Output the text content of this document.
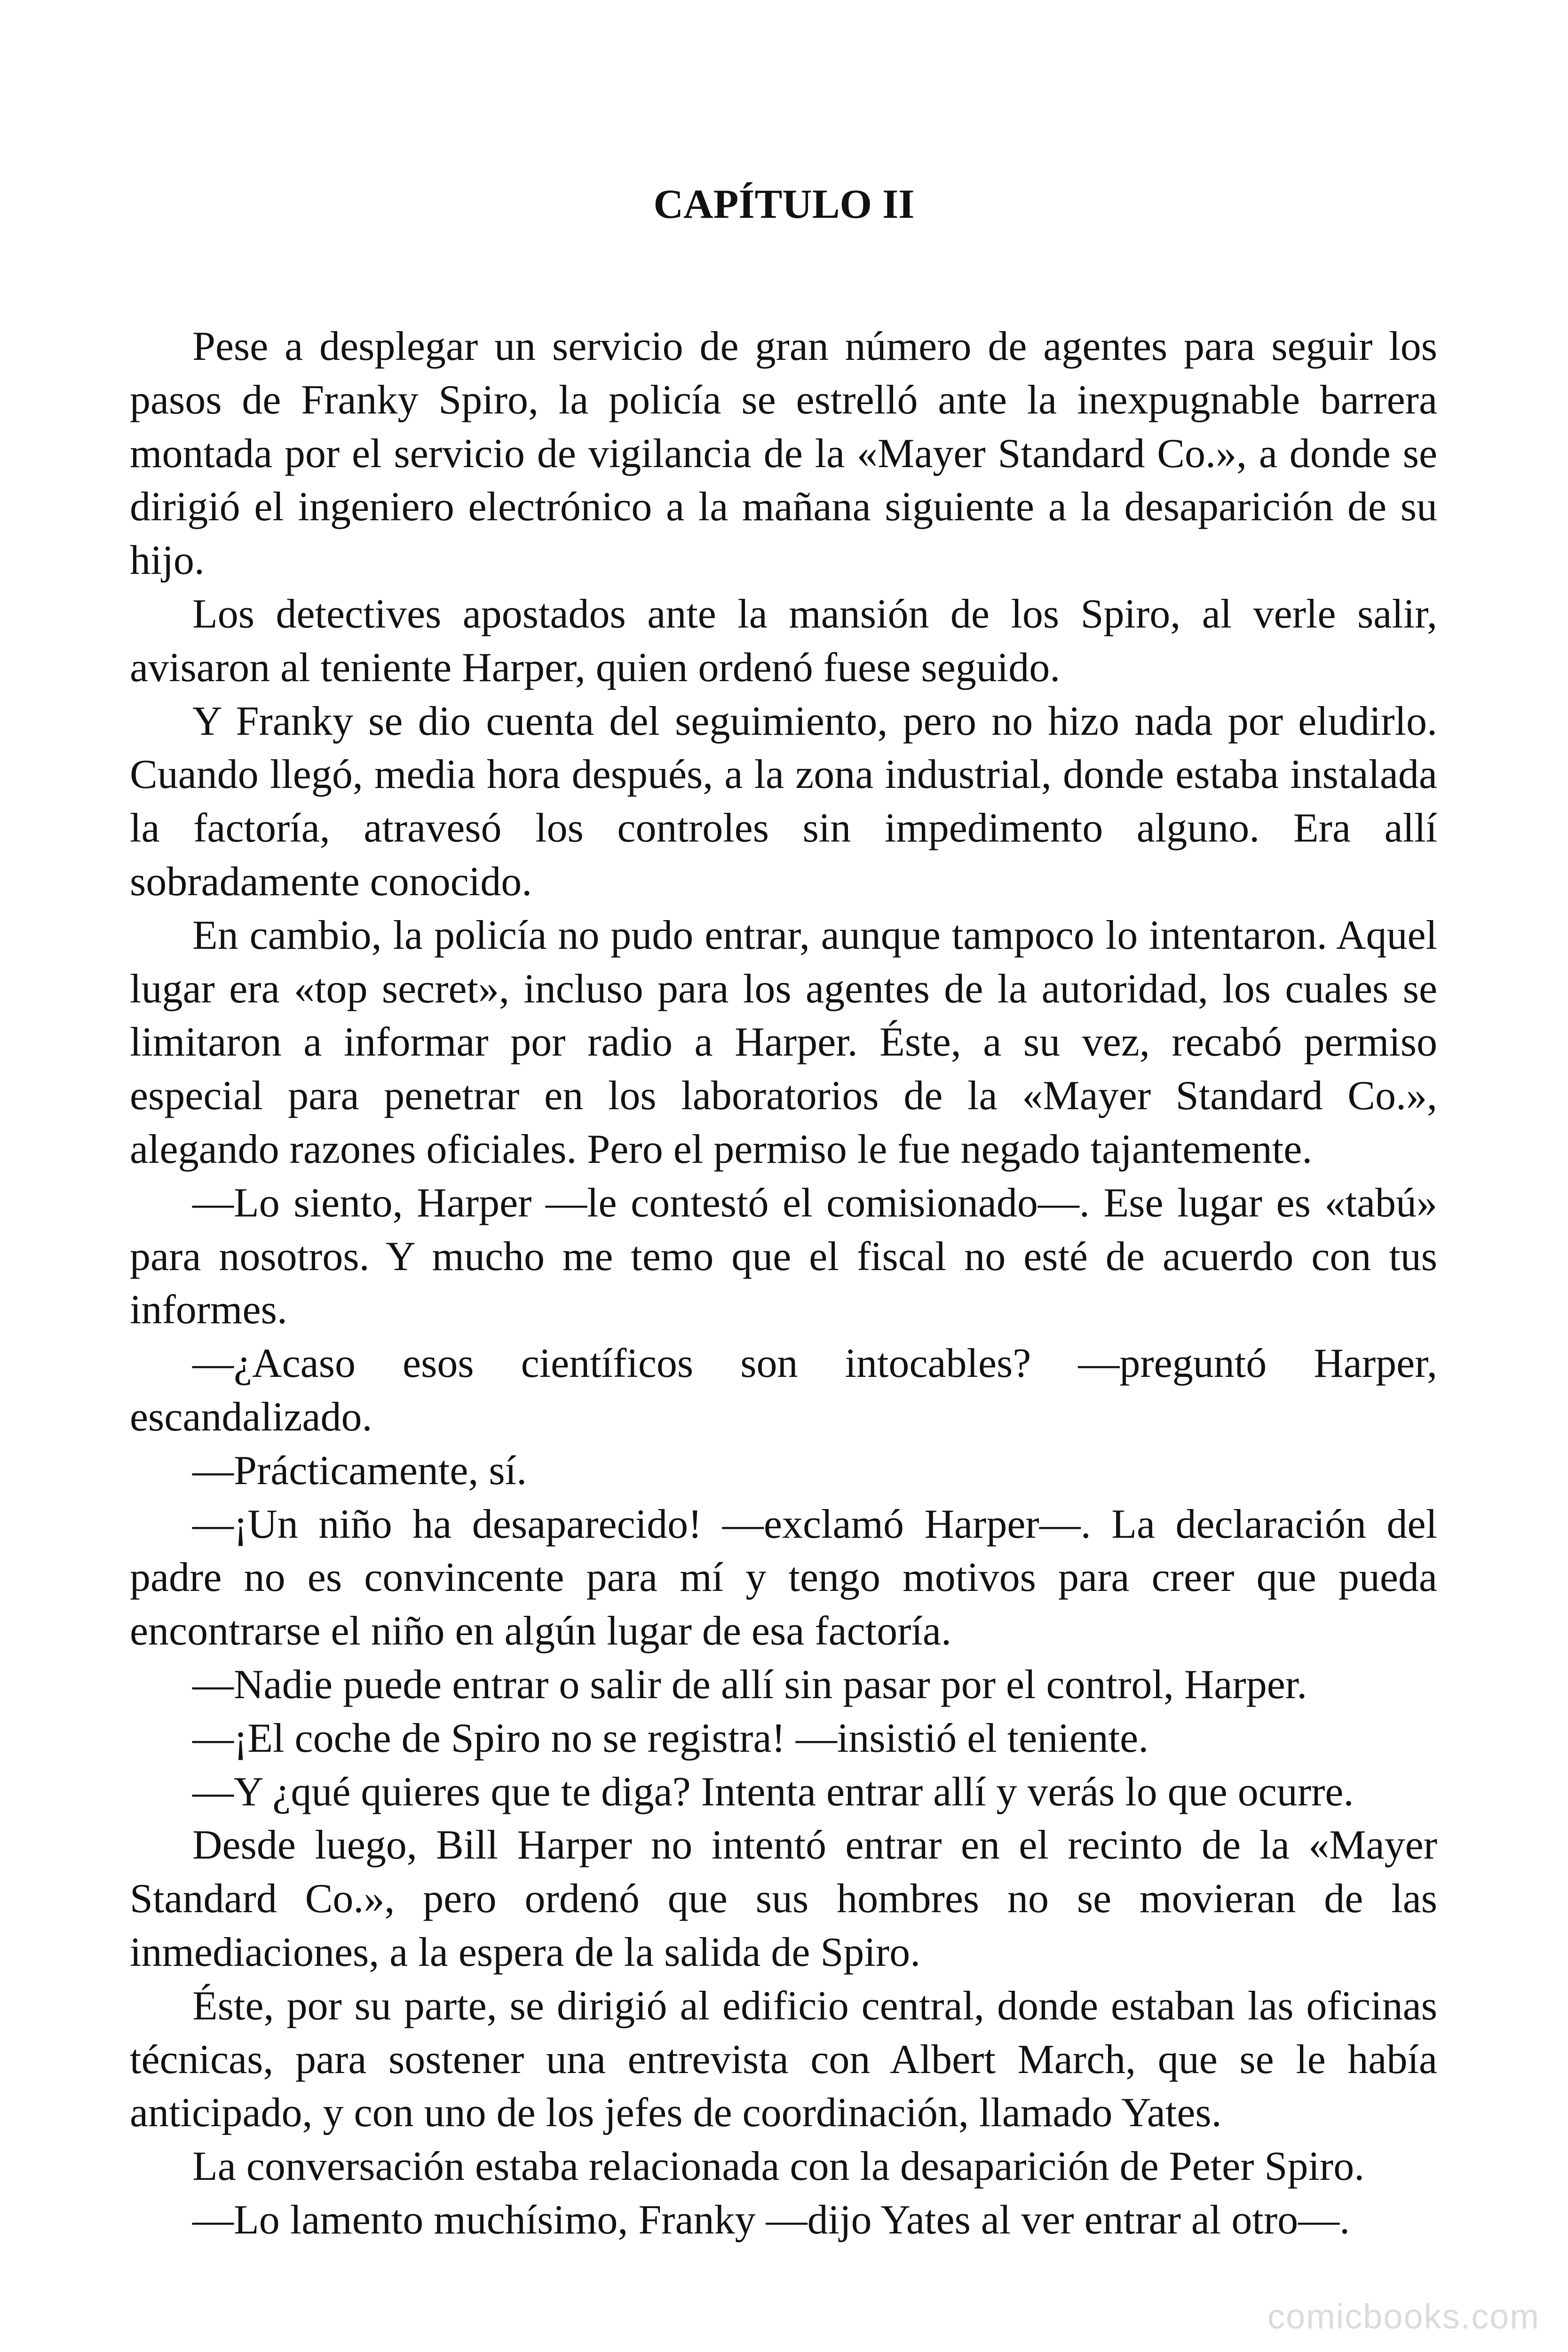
CAPÍTULO II

Pese a desplegar un servicio de gran número de agentes para seguir los pasos de Franky Spiro, la policía se estrelló ante la inexpugnable barrera montada por el servicio de vigilancia de la «Mayer Standard Co.», a donde se dirigió el ingeniero electrónico a la mañana siguiente a la desaparición de su hijo.

Los detectives apostados ante la mansión de los Spiro, al verle salir, avisaron al teniente Harper, quien ordenó fuese seguido.

Y Franky se dio cuenta del seguimiento, pero no hizo nada por eludirlo. Cuando llegó, media hora después, a la zona industrial, donde estaba instalada la factoría, atravesó los controles sin impedimento alguno. Era allí sobradamente conocido.

En cambio, la policía no pudo entrar, aunque tampoco lo intentaron. Aquel lugar era «top secret», incluso para los agentes de la autoridad, los cuales se limitaron a informar por radio a Harper. Éste, a su vez, recabó permiso especial para penetrar en los laboratorios de la «Mayer Standard Co.», alegando razones oficiales. Pero el permiso le fue negado tajantemente.

—Lo siento, Harper —le contestó el comisionado—. Ese lugar es «tabú» para nosotros. Y mucho me temo que el fiscal no esté de acuerdo con tus informes.

—¿Acaso esos científicos son intocables? —preguntó Harper, escandalizado.

—Prácticamente, sí.

—¡Un niño ha desaparecido! —exclamó Harper—. La declaración del padre no es convincente para mí y tengo motivos para creer que pueda encontrarse el niño en algún lugar de esa factoría.

—Nadie puede entrar o salir de allí sin pasar por el control, Harper.

—¡El coche de Spiro no se registra! —insistió el teniente.

—Y ¿qué quieres que te diga? Intenta entrar allí y verás lo que ocurre.

Desde luego, Bill Harper no intentó entrar en el recinto de la «Mayer Standard Co.», pero ordenó que sus hombres no se movieran de las inmediaciones, a la espera de la salida de Spiro.

Éste, por su parte, se dirigió al edificio central, donde estaban las oficinas técnicas, para sostener una entrevista con Albert March, que se le había anticipado, y con uno de los jefes de coordinación, llamado Yates.

La conversación estaba relacionada con la desaparición de Peter Spiro.

—Lo lamento muchísimo, Franky —dijo Yates al ver entrar al otro—.

comicbooks.com
